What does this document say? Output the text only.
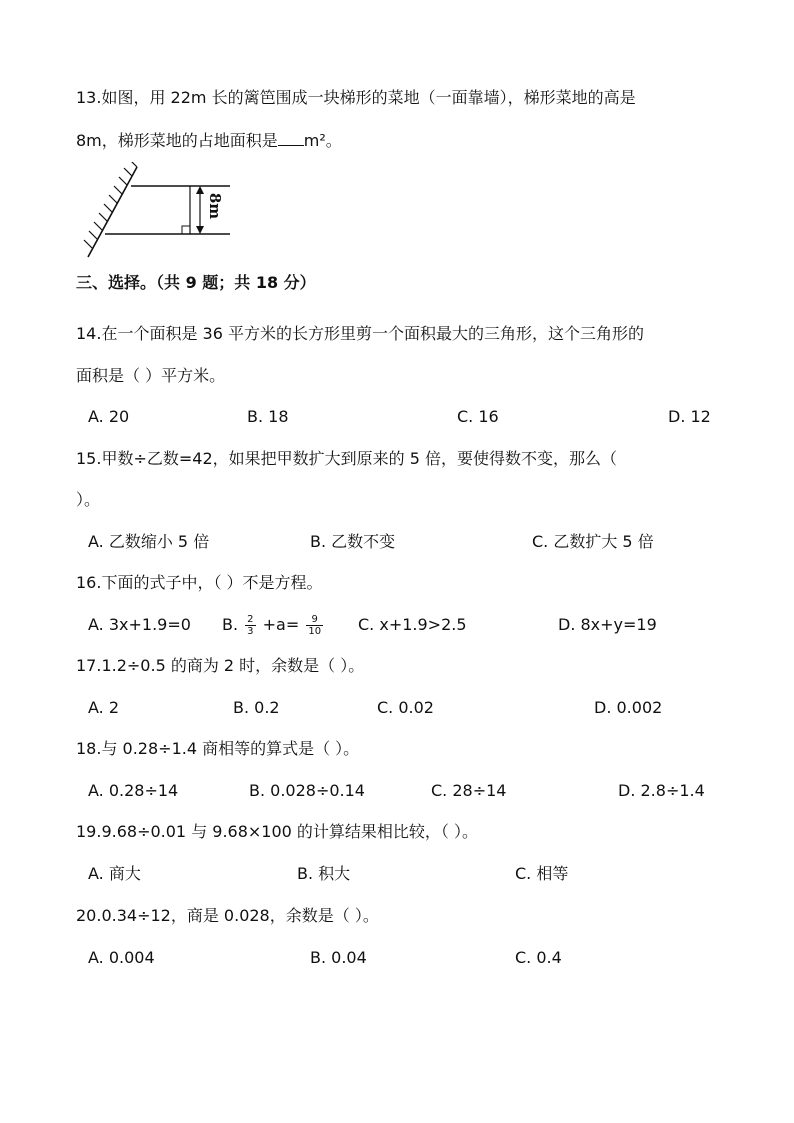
13.如图，用 22m 长的篱笆围成一块梯形的菜地（一面靠墙），梯形菜地的高是
8m，梯形菜地的占地面积是 m²。
8m
三、选择。（共 9 题；共 18 分）
14.在一个面积是 36 平方米的长方形里剪一个面积最大的三角形，这个三角形的
面积是（ ）平方米。
A. 20	B. 18	C. 16	D. 12
15.甲数÷乙数=42，如果把甲数扩大到原来的 5 倍，要使得数不变，那么（
）。
A. 乙数缩小 5 倍	B. 乙数不变	C. 乙数扩大 5 倍
16.下面的式子中，（ ）不是方程。
A. 3x+1.9=0 B. $\frac{2}{3} +a= \frac{9}{10} C$. x+1.9>2.5	D. 8x+y=19
17.1.2÷0.5 的商为 2 时，余数是（ ）。
A. 2	B. 0.2	C. 0.02	D. 0.002
18.与 0.28÷1.4 商相等的算式是（ ）。
A. 0.28÷14	B. 0.028÷0.14	C. 28÷14	D. 2.8÷1.4
19.9.68÷0.01 与 9.68×100 的计算结果相比较，（ ）。
A. 商大	B. 积大	C. 相等
20.0.34÷12，商是 0.028，余数是（ ）。
A. 0.004	B. 0.04	C. 0.4
